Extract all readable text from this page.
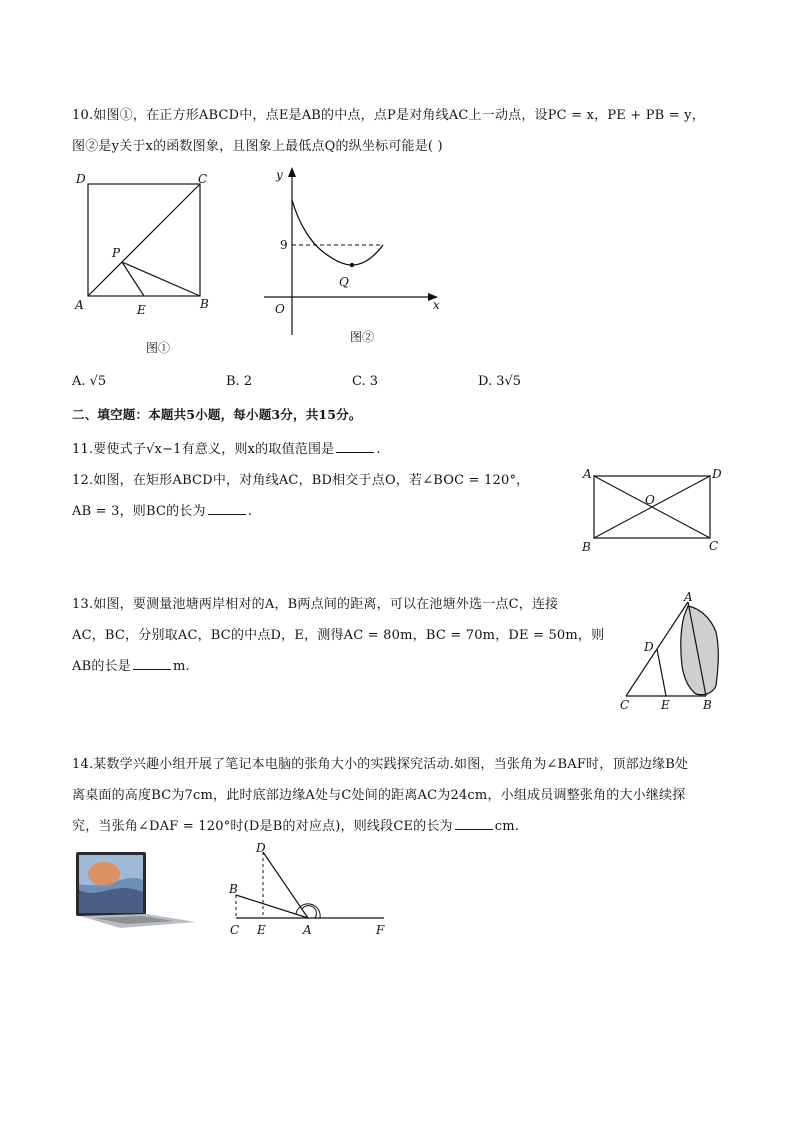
10.如图①，在正方形ABCD中，点E是AB的中点，点P是对角线AC上一动点，设PC = x，PE + PB = y，
图②是y关于x的函数图象，且图象上最低点Q的纵坐标可能是( )
D	C
P
A	E	B
图①
y
9
Q
O	x
图②
A. √5	B. 2	C. 3	D. 3√5
二、填空题：本题共5小题，每小题3分，共15分。
11.要使式子√x−1有意义，则x的取值范围是	.
12.如图，在矩形ABCD中，对角线AC，BD相交于点O，若∠BOC = 120°，
AB = 3，则BC的长为	.
A	D
O
B	C
13.如图，要测量池塘两岸相对的A，B两点间的距离，可以在池塘外选一点C，连接
AC，BC，分别取AC，BC的中点D，E，测得AC = 80m，BC = 70m，DE = 50m，则
AB的长是	m.
A
D
C	E	B
14.某数学兴趣小组开展了笔记本电脑的张角大小的实践探究活动.如图，当张角为∠BAF时，顶部边缘B处
离桌面的高度BC为7cm，此时底部边缘A处与C处间的距离AC为24cm，小组成员调整张角的大小继续探
究，当张角∠DAF = 120°时(D是B的对应点)，则线段CE的长为	cm.
D
B
C E	A	F
